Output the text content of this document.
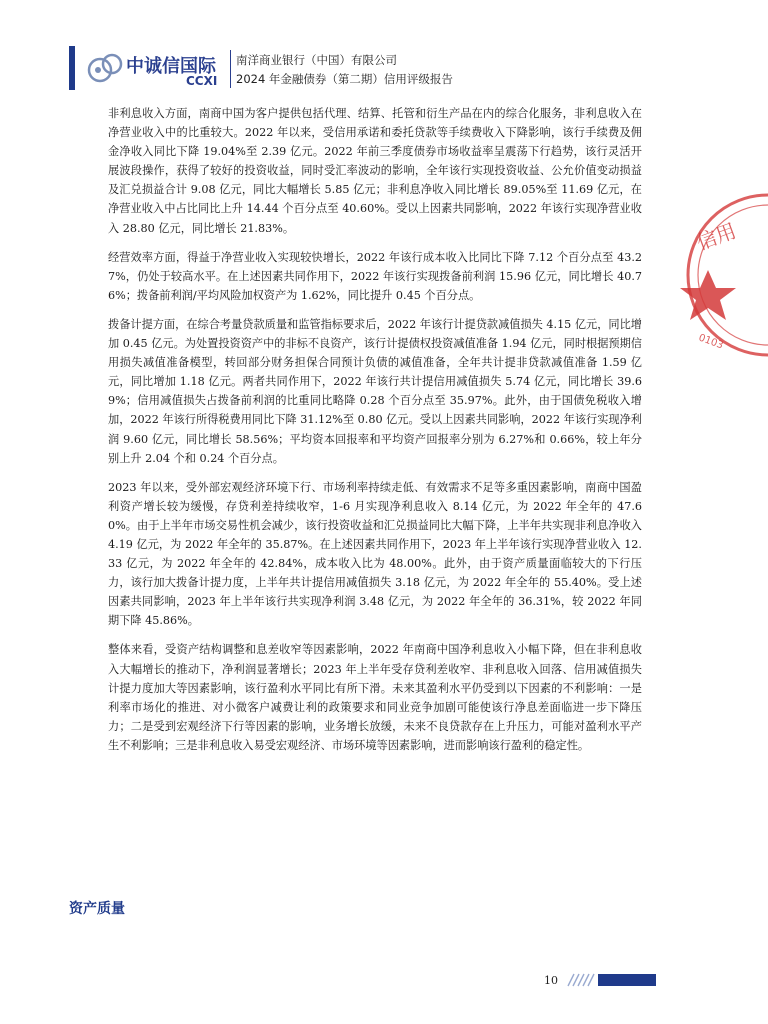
中诚信国际
CCXI
南洋商业银行（中国）有限公司
2024 年金融债券（第二期）信用评级报告

非利息收入方面，南商中国为客户提供包括代理、结算、托管和衍生产品在内的综合化服务，非利息收入在净营业收入中的比重较大。2022 年以来，受信用承诺和委托贷款等手续费收入下降影响，该行手续费及佣金净收入同比下降 19.04%至 2.39 亿元。2022 年前三季度债券市场收益率呈震荡下行趋势，该行灵活开展波段操作，获得了较好的投资收益，同时受汇率波动的影响，全年该行实现投资收益、公允价值变动损益及汇兑损益合计 9.08 亿元，同比大幅增长 5.85 亿元；非利息净收入同比增长 89.05%至 11.69 亿元，在净营业收入中占比同比上升 14.44 个百分点至 40.60%。受以上因素共同影响，2022 年该行实现净营业收入 28.80 亿元，同比增长 21.83%。

经营效率方面，得益于净营业收入实现较快增长，2022 年该行成本收入比同比下降 7.12 个百分点至 43.27%，仍处于较高水平。在上述因素共同作用下，2022 年该行实现拨备前利润 15.96 亿元，同比增长 40.76%；拨备前利润/平均风险加权资产为 1.62%，同比提升 0.45 个百分点。

拨备计提方面，在综合考量贷款质量和监管指标要求后，2022 年该行计提贷款减值损失 4.15 亿元，同比增加 0.45 亿元。为处置投资资产中的非标不良资产，该行计提债权投资减值准备 1.94 亿元，同时根据预期信用损失减值准备模型，转回部分财务担保合同预计负债的减值准备，全年共计提非贷款减值准备 1.59 亿元，同比增加 1.18 亿元。两者共同作用下，2022 年该行共计提信用减值损失 5.74 亿元，同比增长 39.69%；信用减值损失占拨备前利润的比重同比略降 0.28 个百分点至 35.97%。此外，由于国债免税收入增加，2022 年该行所得税费用同比下降 31.12%至 0.80 亿元。受以上因素共同影响，2022 年该行实现净利润 9.60 亿元，同比增长 58.56%；平均资本回报率和平均资产回报率分别为 6.27%和 0.66%，较上年分别上升 2.04 个和 0.24 个百分点。

2023 年以来，受外部宏观经济环境下行、市场利率持续走低、有效需求不足等多重因素影响，南商中国盈利资产增长较为缓慢，存贷利差持续收窄，1-6 月实现净利息收入 8.14 亿元，为 2022 年全年的 47.60%。由于上半年市场交易性机会减少，该行投资收益和汇兑损益同比大幅下降，上半年共实现非利息净收入 4.19 亿元，为 2022 年全年的 35.87%。在上述因素共同作用下，2023 年上半年该行实现净营业收入 12.33 亿元，为 2022 年全年的 42.84%，成本收入比为 48.00%。此外，由于资产质量面临较大的下行压力，该行加大拨备计提力度，上半年共计提信用减值损失 3.18 亿元，为 2022 年全年的 55.40%。受上述因素共同影响，2023 年上半年该行共实现净利润 3.48 亿元，为 2022 年全年的 36.31%，较 2022 年同期下降 45.86%。

整体来看，受资产结构调整和息差收窄等因素影响，2022 年南商中国净利息收入小幅下降，但在非利息收入大幅增长的推动下，净利润显著增长；2023 年上半年受存贷利差收窄、非利息收入回落、信用减值损失计提力度加大等因素影响，该行盈利水平同比有所下滑。未来其盈利水平仍受到以下因素的不利影响：一是利率市场化的推进、对小微客户减费让利的政策要求和同业竞争加剧可能使该行净息差面临进一步下降压力；二是受到宏观经济下行等因素的影响，业务增长放缓，未来不良贷款存在上升压力，可能对盈利水平产生不利影响；三是非利息收入易受宏观经济、市场环境等因素影响，进而影响该行盈利的稳定性。

资产质量
信用
0103
10
